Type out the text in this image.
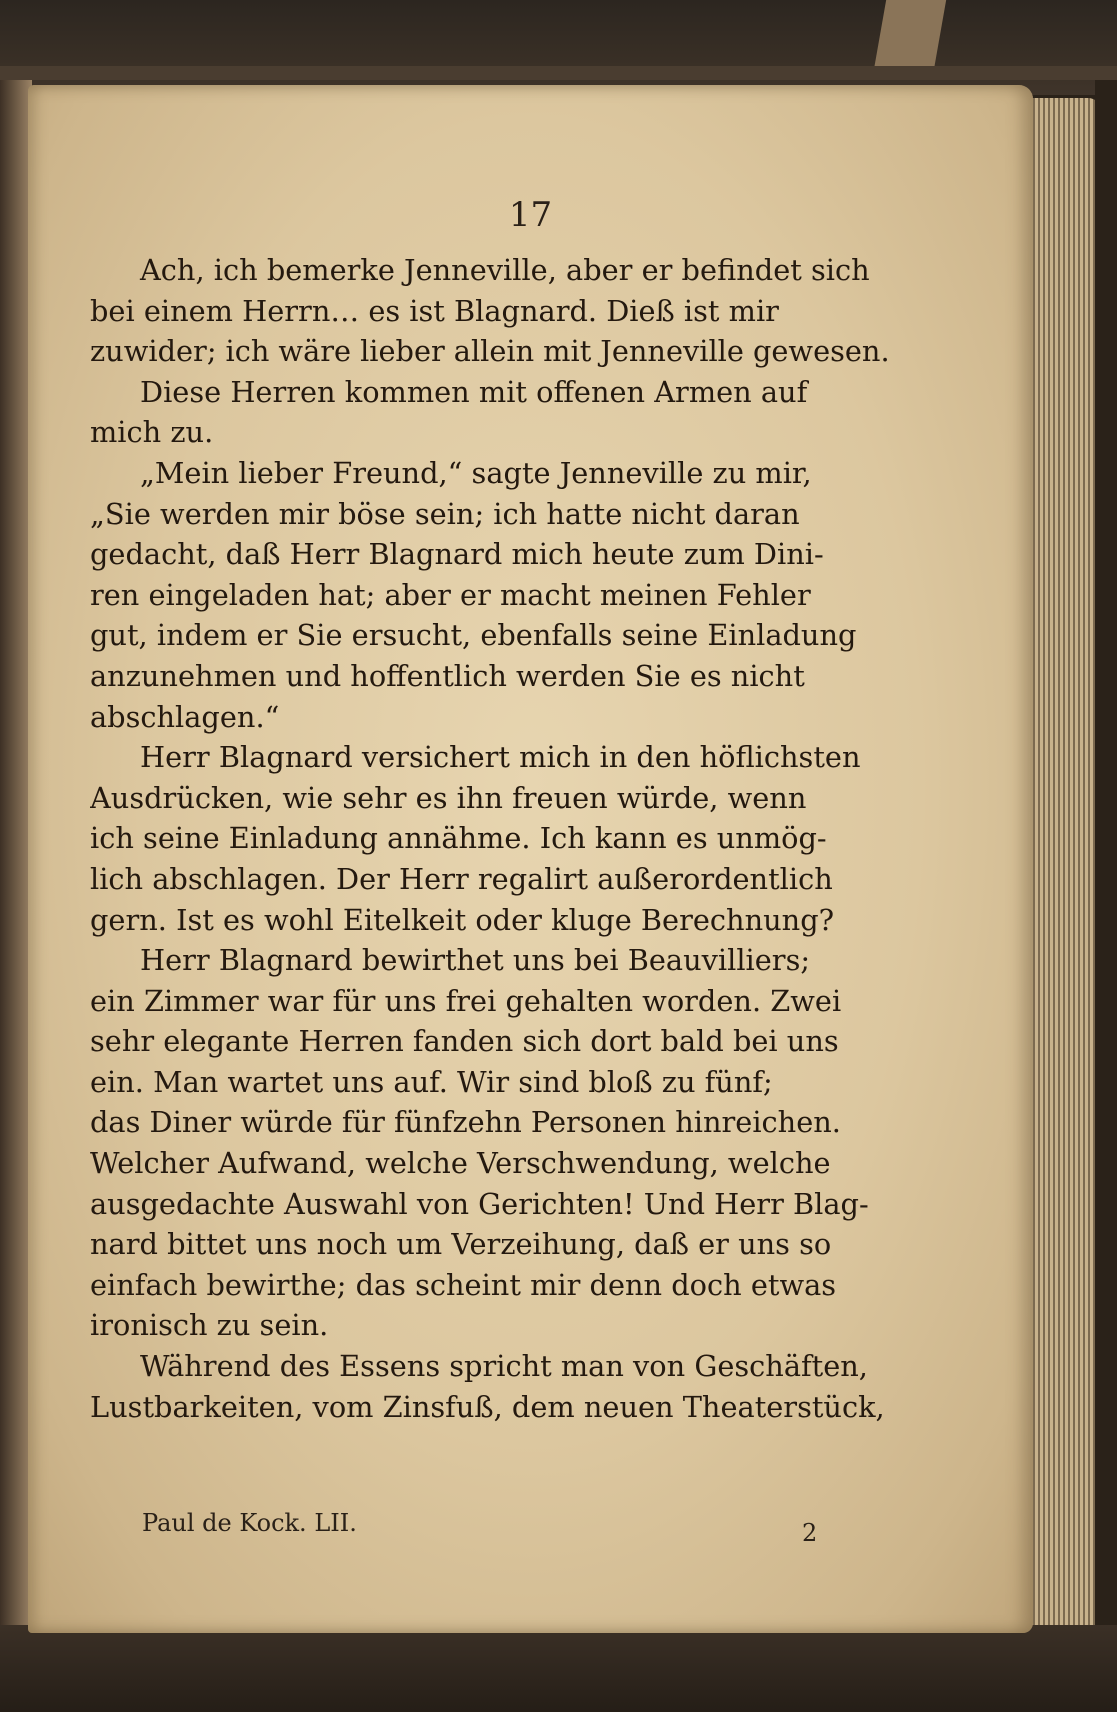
17
Ach, ich bemerke Jenneville, aber er befindet sich
bei einem Herrn… es ist Blagnard. Dieß ist mir
zuwider; ich wäre lieber allein mit Jenneville gewesen.
Diese Herren kommen mit offenen Armen auf
mich zu.
„Mein lieber Freund,“ sagte Jenneville zu mir,
„Sie werden mir böse sein; ich hatte nicht daran
gedacht, daß Herr Blagnard mich heute zum Dini-
ren eingeladen hat; aber er macht meinen Fehler
gut, indem er Sie ersucht, ebenfalls seine Einladung
anzunehmen und hoffentlich werden Sie es nicht
abschlagen.“
Herr Blagnard versichert mich in den höflichsten
Ausdrücken, wie sehr es ihn freuen würde, wenn
ich seine Einladung annähme. Ich kann es unmög-
lich abschlagen. Der Herr regalirt außerordentlich
gern. Ist es wohl Eitelkeit oder kluge Berechnung?
Herr Blagnard bewirthet uns bei Beauvilliers;
ein Zimmer war für uns frei gehalten worden. Zwei
sehr elegante Herren fanden sich dort bald bei uns
ein. Man wartet uns auf. Wir sind bloß zu fünf;
das Diner würde für fünfzehn Personen hinreichen.
Welcher Aufwand, welche Verschwendung, welche
ausgedachte Auswahl von Gerichten! Und Herr Blag-
nard bittet uns noch um Verzeihung, daß er uns so
einfach bewirthe; das scheint mir denn doch etwas
ironisch zu sein.
Während des Essens spricht man von Geschäften,
Lustbarkeiten, vom Zinsfuß, dem neuen Theaterstück,
Paul de Kock. LII.	2
